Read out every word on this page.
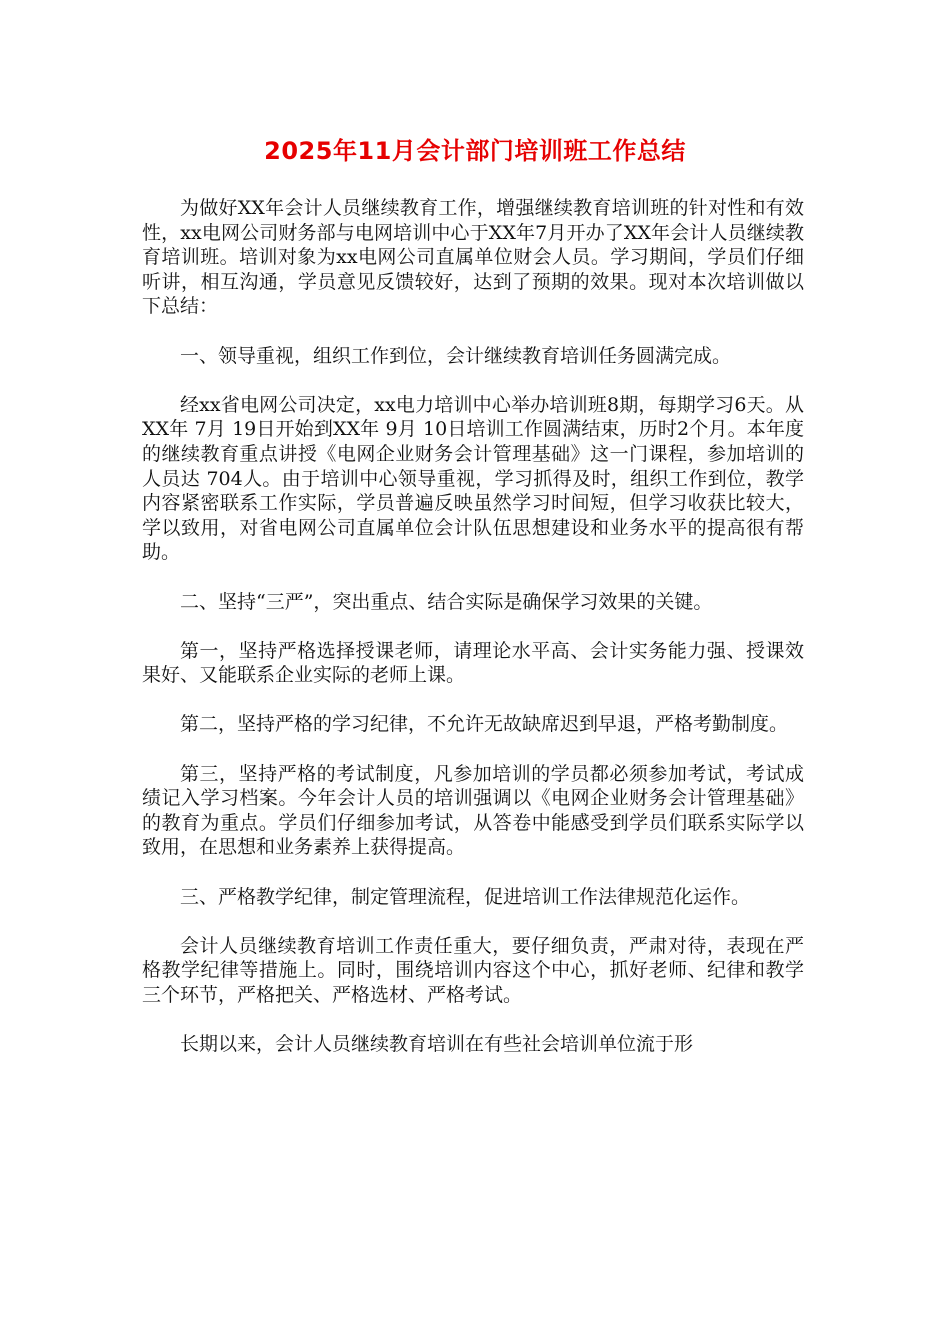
2025年11月会计部门培训班工作总结

为做好XX年会计人员继续教育工作，增强继续教育培训班的针对性和有效性，xx电网公司财务部与电网培训中心于XX年7月开办了XX年会计人员继续教育培训班。培训对象为xx电网公司直属单位财会人员。学习期间，学员们仔细听讲，相互沟通，学员意见反馈较好，达到了预期的效果。现对本次培训做以下总结：

一、领导重视，组织工作到位，会计继续教育培训任务圆满完成。

经xx省电网公司决定，xx电力培训中心举办培训班8期，每期学习6天。从 XX年 7月 19日开始到XX年 9月 10日培训工作圆满结束，历时2个月。本年度的继续教育重点讲授《电网企业财务会计管理基础》这一门课程，参加培训的人员达 704人。由于培训中心领导重视，学习抓得及时，组织工作到位，教学内容紧密联系工作实际，学员普遍反映虽然学习时间短，但学习收获比较大，学以致用，对省电网公司直属单位会计队伍思想建设和业务水平的提高很有帮助。

二、坚持“三严”，突出重点、结合实际是确保学习效果的关键。

第一，坚持严格选择授课老师，请理论水平高、会计实务能力强、授课效果好、又能联系企业实际的老师上课。

第二，坚持严格的学习纪律，不允许无故缺席迟到早退，严格考勤制度。

第三，坚持严格的考试制度，凡参加培训的学员都必须参加考试，考试成绩记入学习档案。今年会计人员的培训强调以《电网企业财务会计管理基础》的教育为重点。学员们仔细参加考试，从答卷中能感受到学员们联系实际学以致用，在思想和业务素养上获得提高。

三、严格教学纪律，制定管理流程，促进培训工作法律规范化运作。

会计人员继续教育培训工作责任重大，要仔细负责，严肃对待，表现在严格教学纪律等措施上。同时，围绕培训内容这个中心，抓好老师、纪律和教学三个环节，严格把关、严格选材、严格考试。

长期以来，会计人员继续教育培训在有些社会培训单位流于形
